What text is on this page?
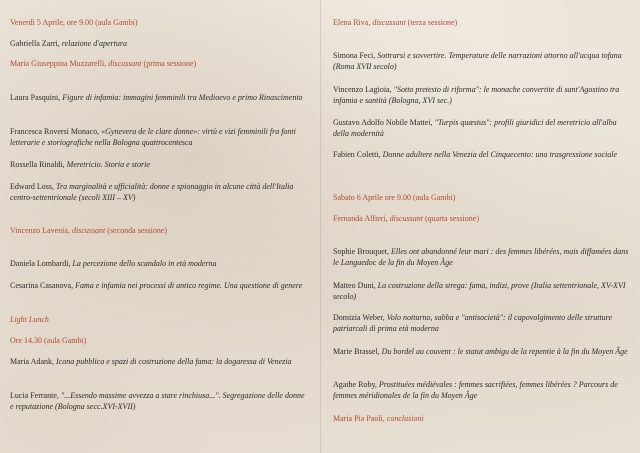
Venerdì 5 Aprile, ore 9.00 (aula Gambi)
Gabriella Zarri, relazione d'apertura
Maria Giuseppina Muzzarelli, discussant (prima sessione)
Laura Pasquini, Figure di infamia: immagini femminili tra Medioevo e primo Rinascimento
Francesca Roversi Monaco, «Gynevera de le clare donne»: virtù e vizi femminili fra fonti letterarie e storiografiche nella Bologna quattrocentesca
Rossella Rinaldi, Meretricio. Storia e storie
Edward Loss, Tra marginalità e ufficialità: donne e spionaggio in alcune città dell'Italia centro-settentrionale (secoli XIII – XV)
Vincenzo Lavenia, discussant (seconda sessione)
Daniela Lombardi, La percezione dello scandalo in età moderna
Cesarina Casanova, Fama e infamia nei processi di antico regime. Una questione di genere
Light Lunch
Ore 14.30 (aula Gambi)
Maria Adank, Icona pubblica e spazi di costruzione della fama: la dogaressa di Venezia
Lucia Ferrante, "...Essendo massime avvezza a stare rinchiusa...". Segregazione delle donne e reputazione (Bologna secc.XVI-XVII)
Elena Riva, discussant (terza sessione)
Simona Feci, Sottrarsi e sovvertire. Temperature delle narrazioni attorno all'acqua tofana (Roma XVII secolo)
Vincenzo Lagioia, "Sotto pretesto di riforma": le monache convertite di sant'Agostino tra infamia e santità (Bologna, XVI sec.)
Gustavo Adolfo Nobile Mattei, "Turpis quæstus": profili giuridici del meretricio all'alba della modernità
Fabien Coletti, Donne adultere nella Venezia del Cinquecento: una trasgressione sociale
Sabato 6 Aprile ore 9.00 (aula Gambi)
Fernanda Alfieri, discussant (quarta sessione)
Sophie Brouquet, Elles ont abandonné leur mari : des femmes libérées, mais diffamées dans le Languedoc de la fin du Moyen Âge
Matteo Duni, La costruzione della strega: fama, indizi, prove (Italia settentrionale, XV-XVI secolo)
Domizia Weber, Volo notturno, sabba e "antisocietà": il capovolgimento delle strutture patriarcali di prima età moderna
Marie Brassel, Du bordel au couvent : le statut ambigu de la repentie à la fin du Moyen Âge
Agathe Roby, Prostituées médiévales : femmes sacrifiées, femmes libérées ? Parcours de femmes méridionales de la fin du Moyen Âge
Maria Pia Paoli, conclusioni
